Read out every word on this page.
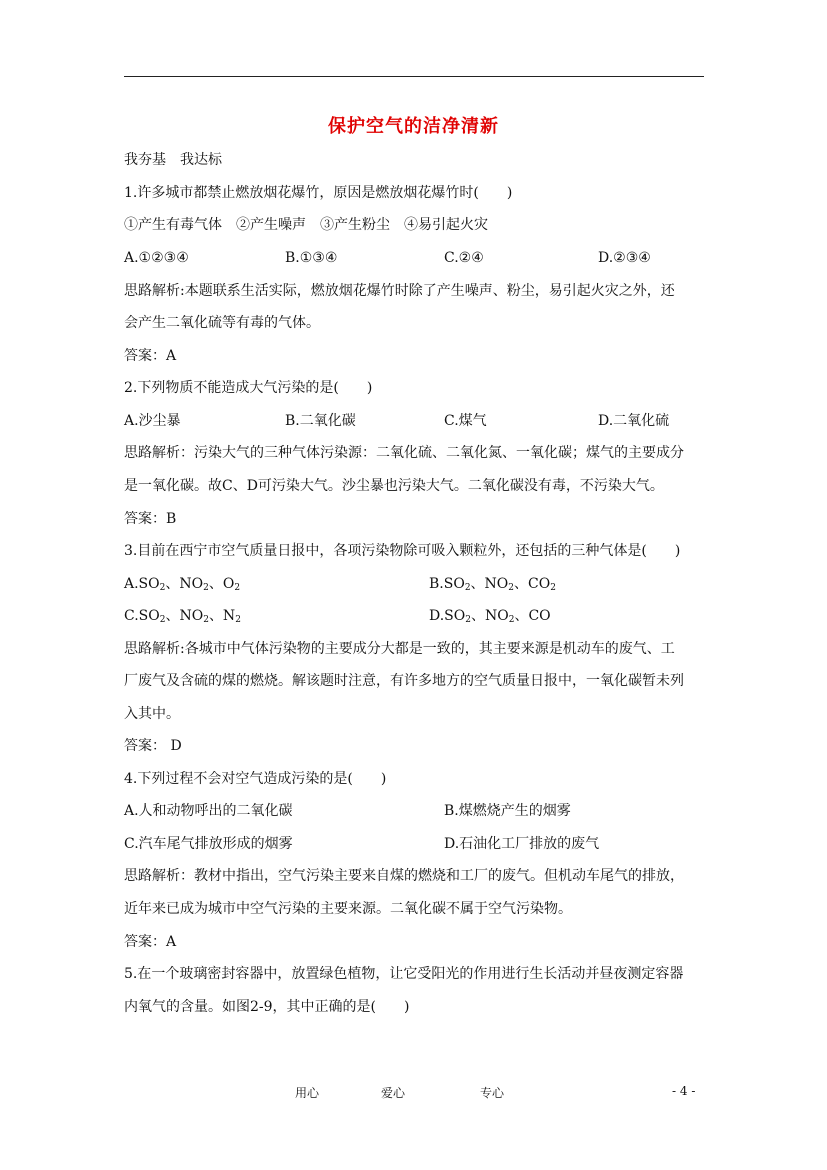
保护空气的洁净清新
我夯基　我达标
1.许多城市都禁止燃放烟花爆竹，原因是燃放烟花爆竹时(　　)
①产生有毒气体　②产生噪声　③产生粉尘　④易引起火灾
A.①②③④	B.①③④	C.②④	D.②③④
思路解析:本题联系生活实际，燃放烟花爆竹时除了产生噪声、粉尘，易引起火灾之外，还
会产生二氧化硫等有毒的气体。
答案：A
2.下列物质不能造成大气污染的是(　　)
A.沙尘暴	B.二氧化碳	C.煤气	D.二氧化硫
思路解析：污染大气的三种气体污染源：二氧化硫、二氧化氮、一氧化碳；煤气的主要成分
是一氧化碳。故C、D可污染大气。沙尘暴也污染大气。二氧化碳没有毒，不污染大气。
答案：B
3.目前在西宁市空气质量日报中，各项污染物除可吸入颗粒外，还包括的三种气体是(　　)
$A.SO_2$、$NO_2$、$O_2$	$B.SO_2$、$NO_2$、$CO_2$
$C.SO_2$、$NO_2$、$N_2$	$D.SO_2$、$NO_2$、CO
思路解析:各城市中气体污染物的主要成分大都是一致的，其主要来源是机动车的废气、工
厂废气及含硫的煤的燃烧。解该题时注意，有许多地方的空气质量日报中，一氧化碳暂未列
入其中。
答案： D
4.下列过程不会对空气造成污染的是(　　)
A.人和动物呼出的二氧化碳	B.煤燃烧产生的烟雾
C.汽车尾气排放形成的烟雾	D.石油化工厂排放的废气
思路解析：教材中指出，空气污染主要来自煤的燃烧和工厂的废气。但机动车尾气的排放，
近年来已成为城市中空气污染的主要来源。二氧化碳不属于空气污染物。
答案：A
5.在一个玻璃密封容器中，放置绿色植物，让它受阳光的作用进行生长活动并昼夜测定容器
内氧气的含量。如图2-9，其中正确的是(　　)
用心	爱心	专心	- 4 -
